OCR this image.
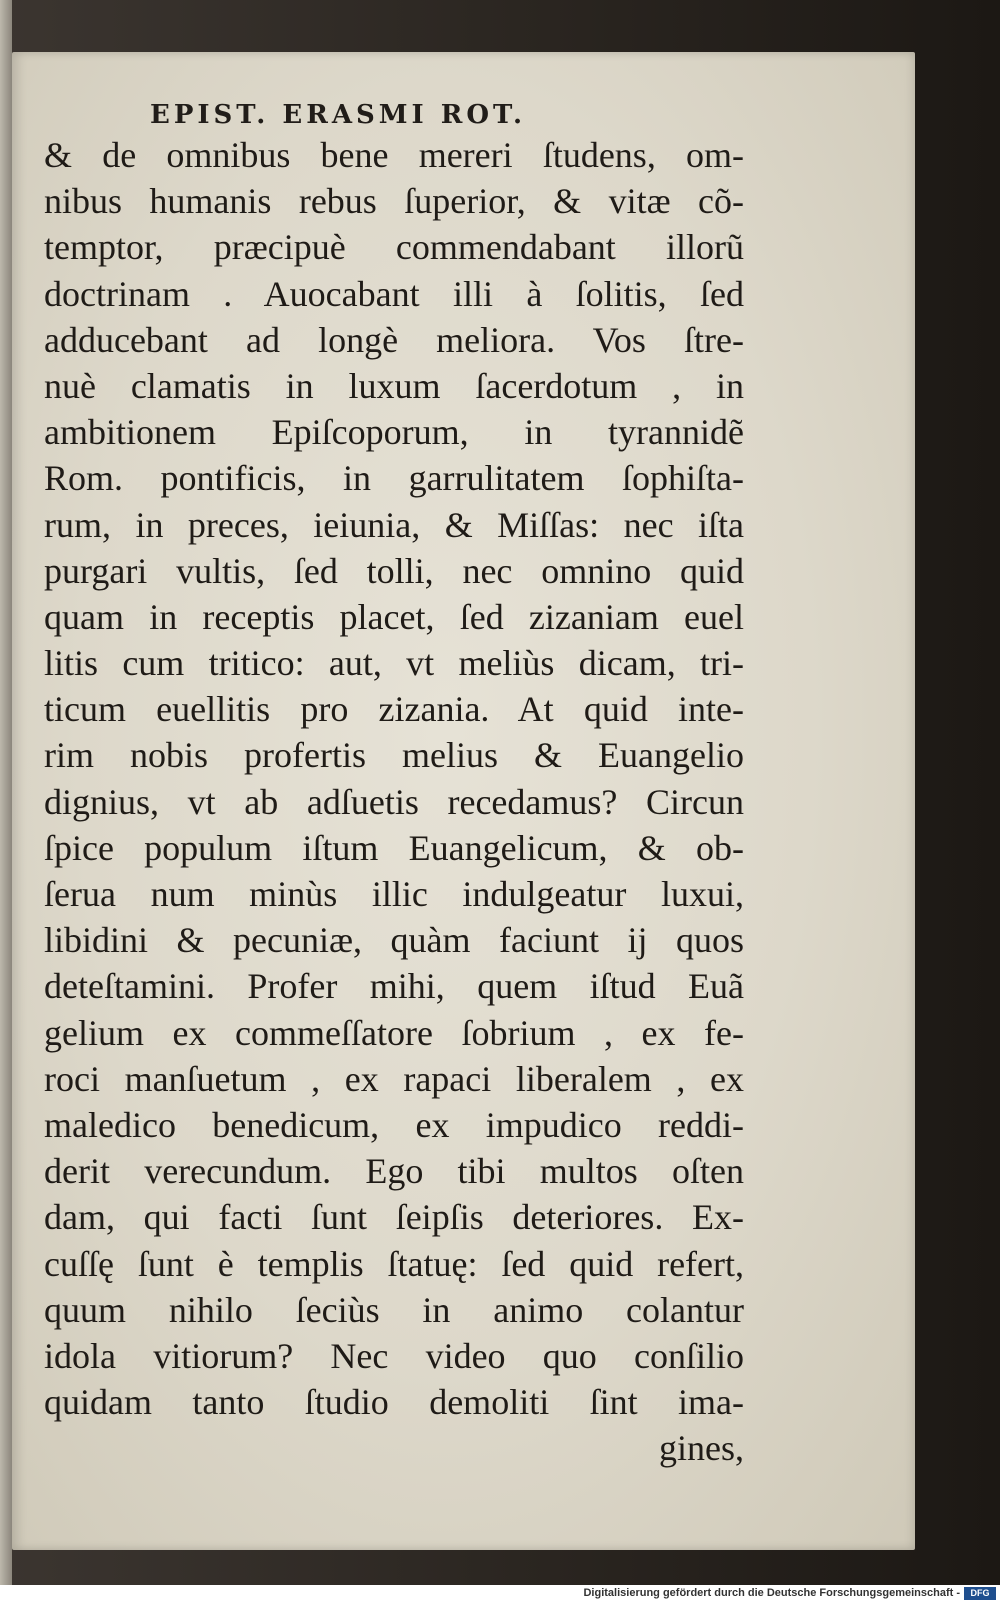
EPIST. ERASMI ROT.
& de omnibus bene mereri ſtudens, om-
nibus humanis rebus ſuperior, & vitæ cõ-
temptor, præcipuè commendabant illorũ
doctrinam . Auocabant illi à ſolitis, ſed
adducebant ad longè meliora. Vos ſtre-
nuè clamatis in luxum ſacerdotum , in
ambitionem Epiſcoporum, in tyrannidẽ
Rom. pontificis, in garrulitatem ſophiſta-
rum, in preces, ieiunia, & Miſſas: nec iſta
purgari vultis, ſed tolli, nec omnino quid
quam in receptis placet, ſed zizaniam euel
litis cum tritico: aut, vt meliùs dicam, tri-
ticum euellitis pro zizania. At quid inte-
rim nobis profertis melius & Euangelio
dignius, vt ab adſuetis recedamus? Circun
ſpice populum iſtum Euangelicum, & ob-
ſerua num minùs illic indulgeatur luxui,
libidini & pecuniæ, quàm faciunt ij quos
deteſtamini. Profer mihi, quem iſtud Euã
gelium ex commeſſatore ſobrium , ex fe-
roci manſuetum , ex rapaci liberalem , ex
maledico benedicum, ex impudico reddi-
derit verecundum. Ego tibi multos oſten
dam, qui facti ſunt ſeipſis deteriores. Ex-
cuſſę ſunt è templis ſtatuę: ſed quid refert,
quum nihilo ſeciùs in animo colantur
idola vitiorum? Nec video quo conſilio
quidam tanto ſtudio demoliti ſint ima-
gines,
Digitalisierung gefördert durch die Deutsche Forschungsgemeinschaft -	DFG
